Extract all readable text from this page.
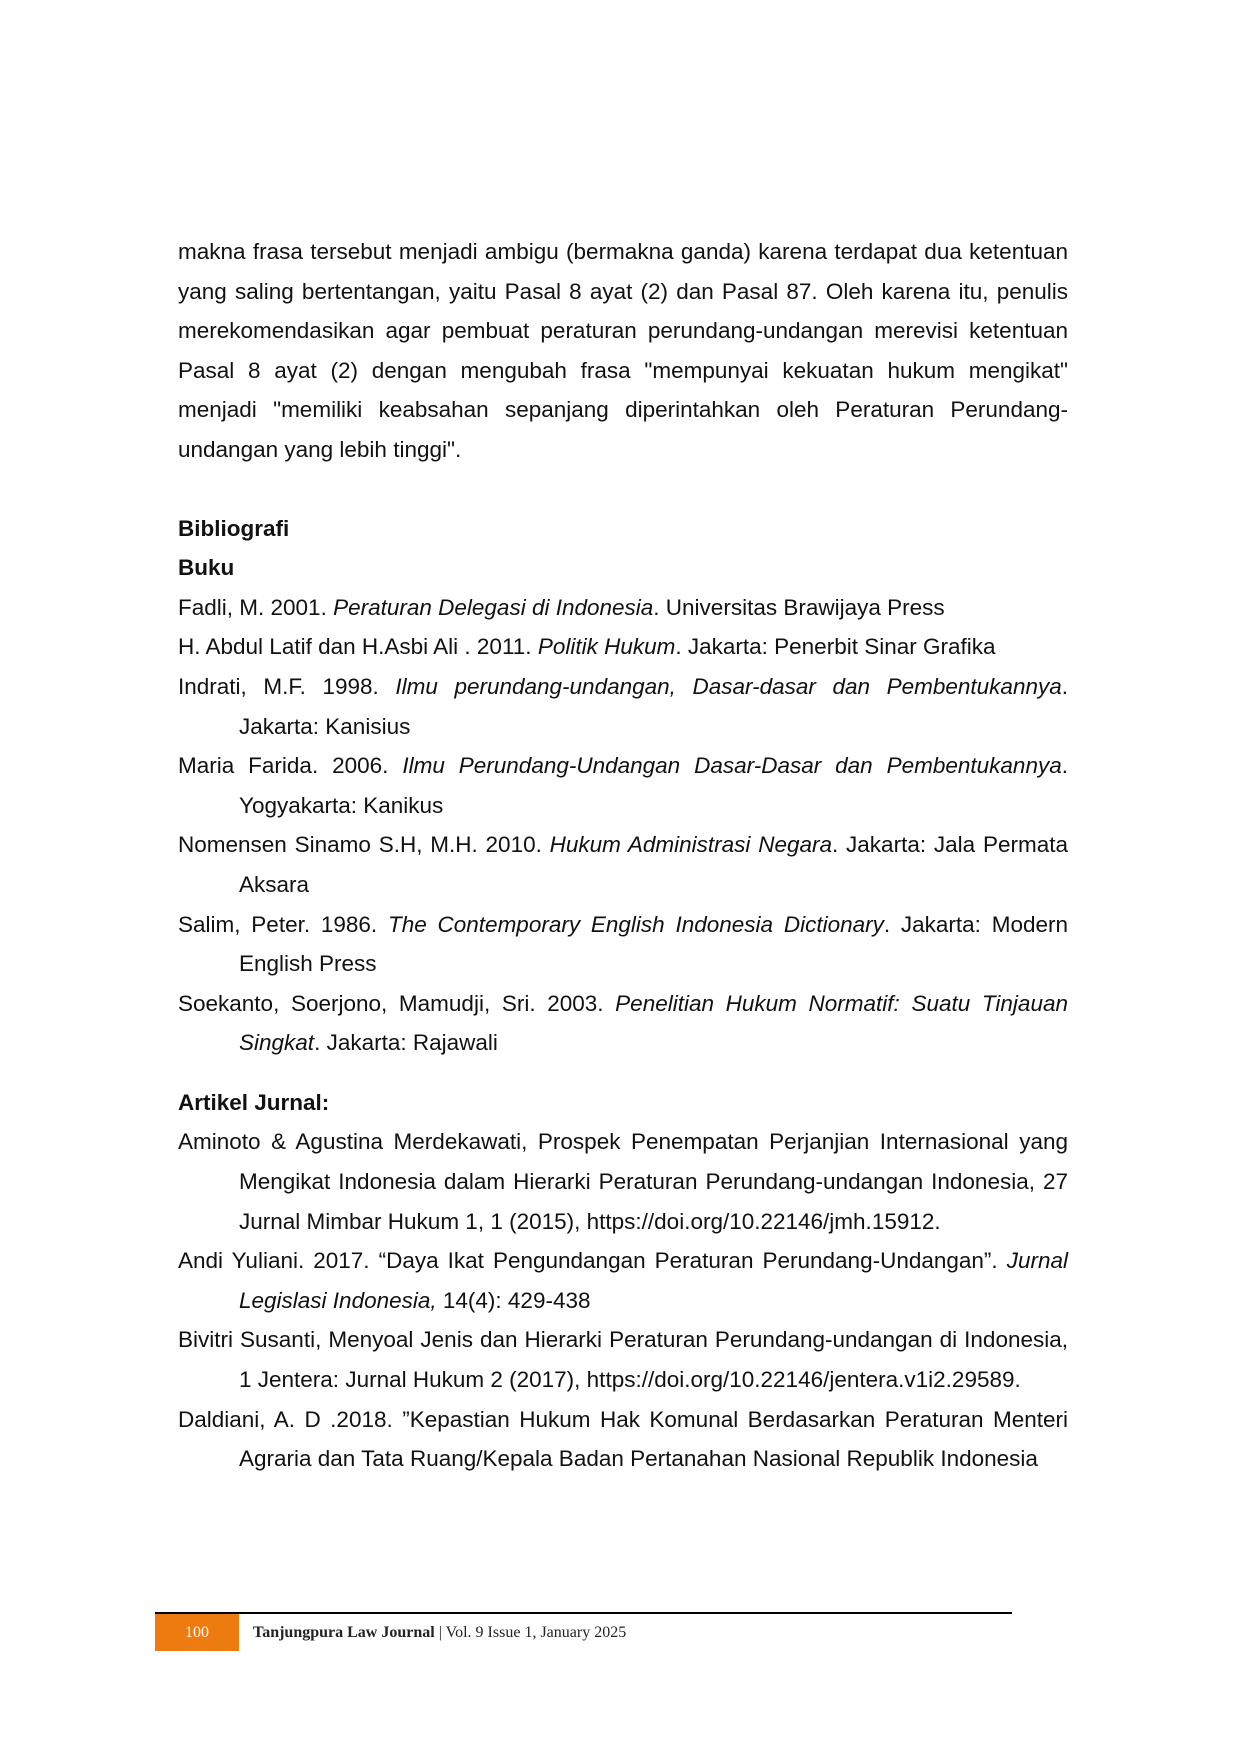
makna frasa tersebut menjadi ambigu (bermakna ganda) karena terdapat dua ketentuan yang saling bertentangan, yaitu Pasal 8 ayat (2) dan Pasal 87. Oleh karena itu, penulis merekomendasikan agar pembuat peraturan perundang-undangan merevisi ketentuan Pasal 8 ayat (2) dengan mengubah frasa "mempunyai kekuatan hukum mengikat" menjadi "memiliki keabsahan sepanjang diperintahkan oleh Peraturan Perundang-undangan yang lebih tinggi".

Bibliografi

Buku

Fadli, M. 2001. Peraturan Delegasi di Indonesia. Universitas Brawijaya Press

H. Abdul Latif dan H.Asbi Ali . 2011. Politik Hukum. Jakarta: Penerbit Sinar Grafika

Indrati, M.F. 1998. Ilmu perundang-undangan, Dasar-dasar dan Pembentukannya. Jakarta: Kanisius

Maria Farida. 2006. Ilmu Perundang-Undangan Dasar-Dasar dan Pembentukannya. Yogyakarta: Kanikus

Nomensen Sinamo S.H, M.H. 2010. Hukum Administrasi Negara. Jakarta: Jala Permata Aksara

Salim, Peter. 1986. The Contemporary English Indonesia Dictionary. Jakarta: Modern English Press

Soekanto, Soerjono, Mamudji, Sri. 2003. Penelitian Hukum Normatif: Suatu Tinjauan Singkat. Jakarta: Rajawali

Artikel Jurnal:

Aminoto & Agustina Merdekawati, Prospek Penempatan Perjanjian Internasional yang Mengikat Indonesia dalam Hierarki Peraturan Perundang-undangan Indonesia, 27 Jurnal Mimbar Hukum 1, 1 (2015), https://doi.org/10.22146/jmh.15912.

Andi Yuliani. 2017. “Daya Ikat Pengundangan Peraturan Perundang-Undangan”. Jurnal Legislasi Indonesia, 14(4): 429-438

Bivitri Susanti, Menyoal Jenis dan Hierarki Peraturan Perundang-undangan di Indonesia, 1 Jentera: Jurnal Hukum 2 (2017), https://doi.org/10.22146/jentera.v1i2.29589.

Daldiani, A. D .2018. ”Kepastian Hukum Hak Komunal Berdasarkan Peraturan Menteri Agraria dan Tata Ruang/Kepala Badan Pertanahan Nasional Republik Indonesia

100	Tanjungpura Law Journal | Vol. 9 Issue 1, January 2025
